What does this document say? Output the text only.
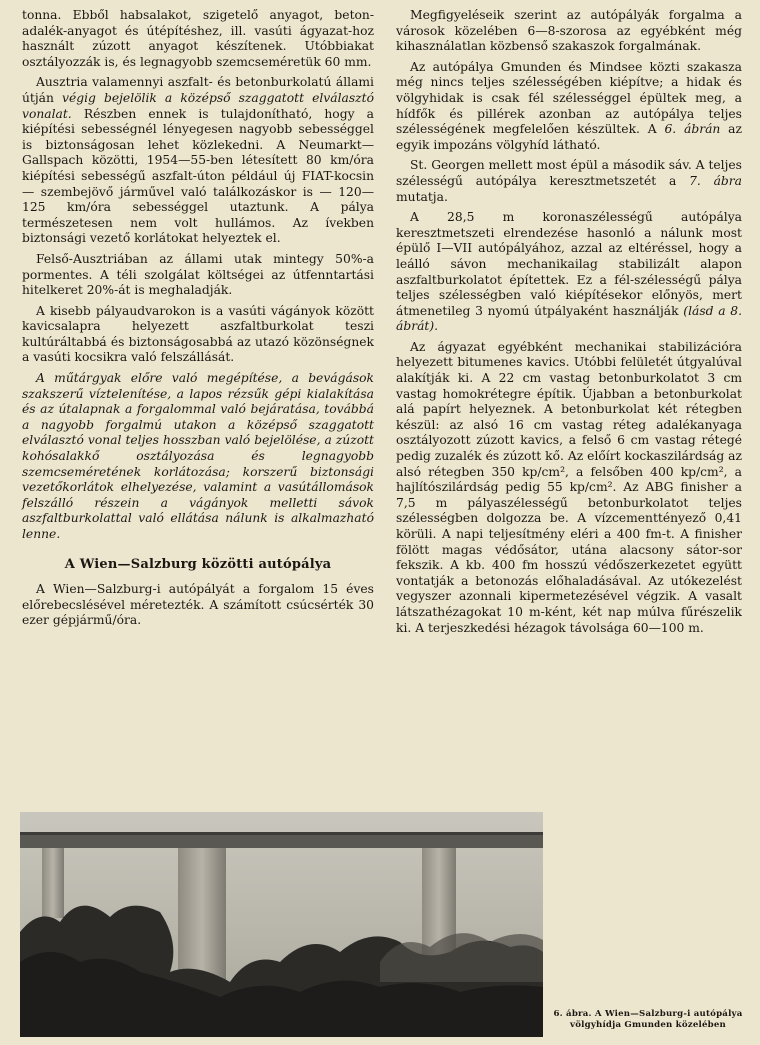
tonna. Ebből habsalakot, szigetelő anyagot, beton-adalék-anyagot és útépítéshez, ill. vasúti ágyazat-hoz használt zúzott anyagot készítenek. Utóbbiakat osztályozzák is, és legnagyobb szemcseméretük 60 mm.

Ausztria valamennyi aszfalt- és betonburkolatú állami útján végig bejelölik a középső szaggatott elválasztó vonalat. Részben ennek is tulajdonítható, hogy a kiépítési sebességnél lényegesen nagyobb sebességgel is biztonságosan lehet közlekedni. A Neumarkt—Gallspach közötti, 1954—55-ben létesített 80 km/óra kiépítési sebességű aszfalt-úton például új FIAT-kocsin — szembejövő járművel való találkozáskor is — 120—125 km/óra sebességgel utaztunk. A pálya természetesen nem volt hullámos. Az ívekben biztonsági vezető korlátokat helyeztek el.

Felső-Ausztriában az állami utak mintegy 50%-a pormentes. A téli szolgálat költségei az útfenntartási hitelkeret 20%-át is meghaladják.

A kisebb pályaudvarokon is a vasúti vágányok között kavicsalapra helyezett aszfaltburkolat teszi kultúráltabbá és biztonságosabbá az utazó közönségnek a vasúti kocsikra való felszállását.

A műtárgyak előre való megépítése, a bevágások szakszerű víztelenítése, a lapos rézsűk gépi kialakítása és az útalapnak a forgalommal való bejáratása, továbbá a nagyobb forgalmú utakon a középső szaggatott elválasztó vonal teljes hosszban való bejelölése, a zúzott kohósalakkő osztályozása és legnagyobb szemcseméretének korlátozása; korszerű biztonsági vezetőkorlátok elhelyezése, valamint a vasútállomások felszálló részein a vágányok melletti sávok aszfaltburkolattal való ellátása nálunk is alkalmazható lenne.

A Wien—Salzburg közötti autópálya

A Wien—Salzburg-i autópályát a forgalom 15 éves előrebecslésével méretezték. A számított csúcsérték 30 ezer gépjármű/óra.

Megfigyeléseik szerint az autópályák forgalma a városok közelében 6—8-szorosa az egyébként még kihasználatlan közbenső szakaszok forgalmának.

Az autópálya Gmunden és Mindsee közti szakasza még nincs teljes szélességében kiépítve; a hidak és völgyhidak is csak fél szélességgel épültek meg, a hídfők és pillérek azonban az autópálya teljes szélességének megfelelően készültek. A 6. ábrán az egyik impozáns völgyhíd látható.

St. Georgen mellett most épül a második sáv. A teljes szélességű autópálya keresztmetszetét a 7. ábra mutatja.

A 28,5 m koronaszélességű autópálya keresztmetszeti elrendezése hasonló a nálunk most épülő I—VII autópályához, azzal az eltéréssel, hogy a leálló sávon mechanikailag stabilizált alapon aszfaltburkolatot építettek. Ez a fél-szélességű pálya teljes szélességben való kiépítésekor előnyös, mert átmenetileg 3 nyomú útpályaként használják (lásd a 8. ábrát).

Az ágyazat egyébként mechanikai stabilizációra helyezett bitumenes kavics. Utóbbi felületét útgyalúval alakítják ki. A 22 cm vastag betonburkolatot 3 cm vastag homokrétegre építik. Újabban a betonburkolat alá papírt helyeznek. A betonburkolat két rétegben készül: az alsó 16 cm vastag réteg adalékanyaga osztályozott zúzott kavics, a felső 6 cm vastag rétegé pedig zuzalék és zúzott kő. Az előírt kockaszilárdság az alsó rétegben 350 kp/cm², a felsőben 400 kp/cm², a hajlítószilárdság pedig 55 kp/cm². Az ABG finisher a 7,5 m pályaszélességű betonburkolatot teljes szélességben dolgozza be. A vízcementtényező 0,41 körüli. A napi teljesítmény eléri a 400 fm-t. A finisher fölött magas védősátor, utána alacsony sátor-sor fekszik. A kb. 400 fm hosszú védőszerkezetet együtt vontatják a betonozás előhaladásával. Az utókezelést vegyszer azonnali kipermetezésével végzik. A vasalt látszathézagokat 10 m-ként, két nap múlva fűrészelik ki. A terjeszkedési hézagok távolsága 60—100 m.

6. ábra. A Wien—Salzburg-i autópálya
völgyhídja Gmunden közelében
